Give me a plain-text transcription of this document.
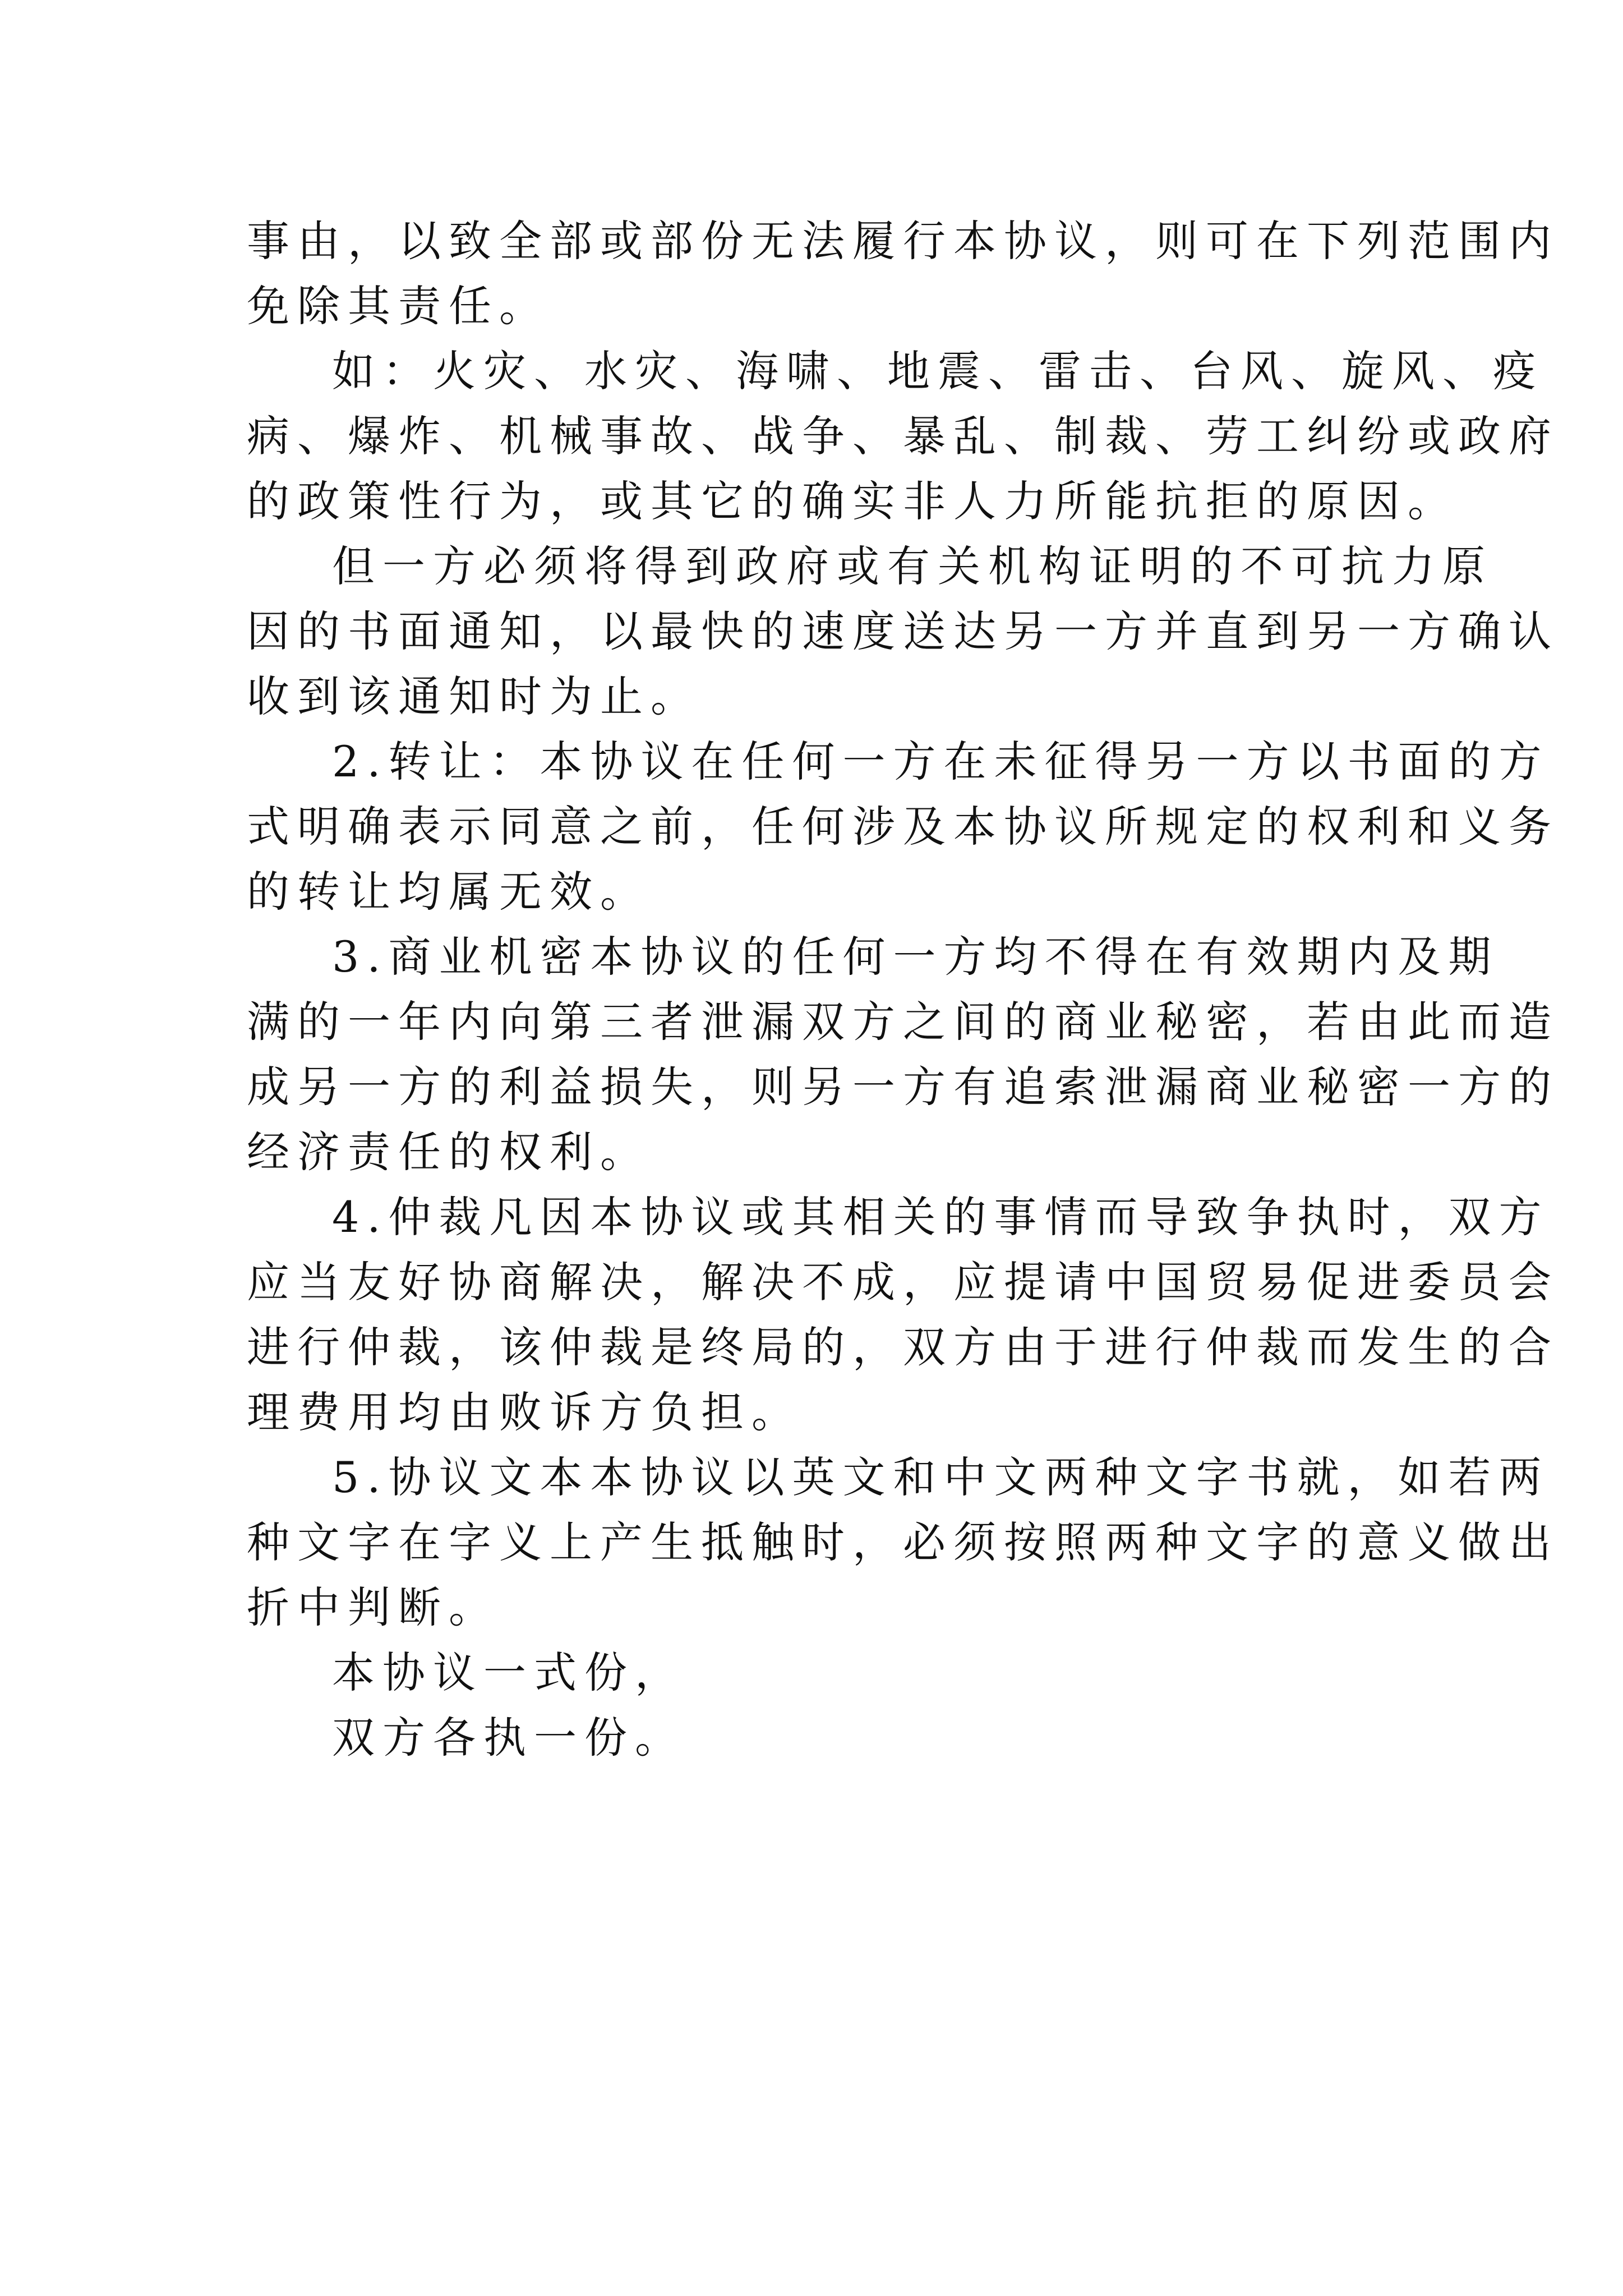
事由，以致全部或部份无法履行本协议，则可在下列范围内
免除其责任。
如：火灾、水灾、海啸、地震、雷击、台风、旋风、疫
病、爆炸、机械事故、战争、暴乱、制裁、劳工纠纷或政府
的政策性行为，或其它的确实非人力所能抗拒的原因。
但一方必须将得到政府或有关机构证明的不可抗力原
因的书面通知，以最快的速度送达另一方并直到另一方确认
收到该通知时为止。
2.转让：本协议在任何一方在未征得另一方以书面的方
式明确表示同意之前，任何涉及本协议所规定的权利和义务
的转让均属无效。
3.商业机密本协议的任何一方均不得在有效期内及期
满的一年内向第三者泄漏双方之间的商业秘密，若由此而造
成另一方的利益损失，则另一方有追索泄漏商业秘密一方的
经济责任的权利。
4.仲裁凡因本协议或其相关的事情而导致争执时，双方
应当友好协商解决，解决不成，应提请中国贸易促进委员会
进行仲裁，该仲裁是终局的，双方由于进行仲裁而发生的合
理费用均由败诉方负担。
5.协议文本本协议以英文和中文两种文字书就，如若两
种文字在字义上产生抵触时，必须按照两种文字的意义做出
折中判断。
本协议一式份，
双方各执一份。
